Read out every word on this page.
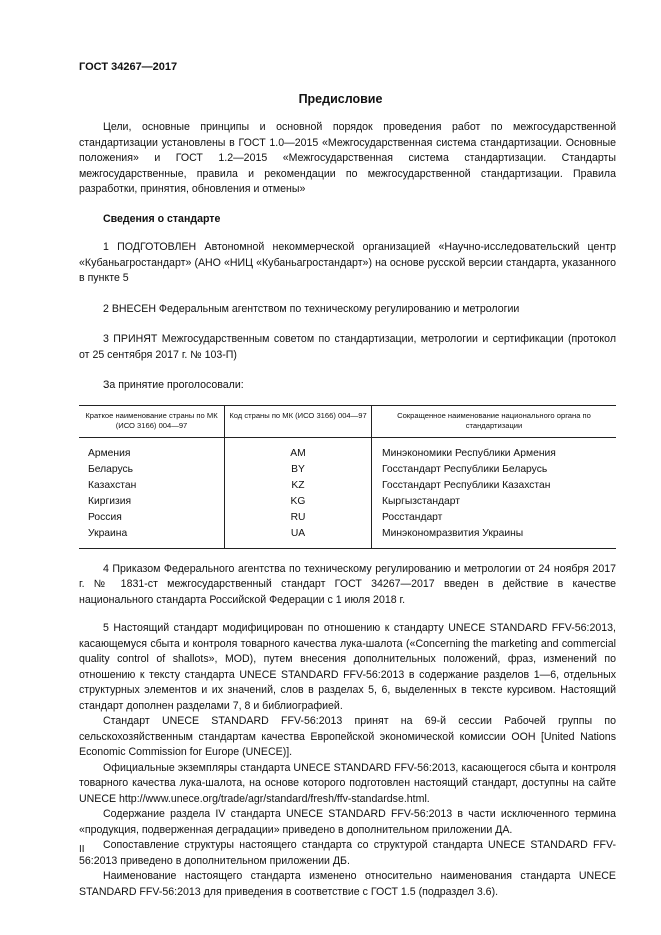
ГОСТ 34267—2017
Предисловие

Цели, основные принципы и основной порядок проведения работ по межгосударственной стандартизации установлены в ГОСТ 1.0—2015 «Межгосударственная система стандартизации. Основные положения» и ГОСТ 1.2—2015 «Межгосударственная система стандартизации. Стандарты межгосударственные, правила и рекомендации по межгосударственной стандартизации. Правила разработки, принятия, обновления и отмены»

Сведения о стандарте

1 ПОДГОТОВЛЕН Автономной некоммерческой организацией «Научно-исследовательский центр «Кубаньагростандарт» (АНО «НИЦ «Кубаньагростандарт») на основе русской версии стандарта, указанного в пункте 5

2 ВНЕСЕН Федеральным агентством по техническому регулированию и метрологии

3 ПРИНЯТ Межгосударственным советом по стандартизации, метрологии и сертификации (протокол от 25 сентября 2017 г. № 103-П)

За принятие проголосовали:

Краткое наименование страны по МК (ИСО 3166) 004—97	Код страны по МК (ИСО 3166) 004—97	Сокращенное наименование национального органа по стандартизации
Армения	AM	Минэкономики Республики Армения
Беларусь	BY	Госстандарт Республики Беларусь
Казахстан	KZ	Госстандарт Республики Казахстан
Киргизия	KG	Кыргызстандарт
Россия	RU	Росстандарт
Украина	UA	Минэкономразвития Украины

4 Приказом Федерального агентства по техническому регулированию и метрологии от 24 ноября 2017 г. № 1831-ст межгосударственный стандарт ГОСТ 34267—2017 введен в действие в качестве национального стандарта Российской Федерации с 1 июля 2018 г.

5 Настоящий стандарт модифицирован по отношению к стандарту UNECE STANDARD FFV-56:2013, касающемуся сбыта и контроля товарного качества лука-шалота («Concerning the marketing and commercial quality control of shallots», MOD), путем внесения дополнительных положений, фраз, изменений по отношению к тексту стандарта UNECE STANDARD FFV-56:2013 в содержание разделов 1—6, отдельных структурных элементов и их значений, слов в разделах 5, 6, выделенных в тексте курсивом. Настоящий стандарт дополнен разделами 7, 8 и библиографией.

Стандарт UNECE STANDARD FFV-56:2013 принят на 69-й сессии Рабочей группы по сельскохозяйственным стандартам качества Европейской экономической комиссии ООН [United Nations Economic Commission for Europe (UNECE)].

Официальные экземпляры стандарта UNECE STANDARD FFV-56:2013, касающегося сбыта и контроля товарного качества лука-шалота, на основе которого подготовлен настоящий стандарт, доступны на сайте UNECE http://www.unece.org/trade/agr/standard/fresh/ffv-standardse.html.

Содержание раздела IV стандарта UNECE STANDARD FFV-56:2013 в части исключенного термина «продукция, подверженная деградации» приведено в дополнительном приложении ДА.

Сопоставление структуры настоящего стандарта со структурой стандарта UNECE STANDARD FFV-56:2013 приведено в дополнительном приложении ДБ.

Наименование настоящего стандарта изменено относительно наименования стандарта UNECE STANDARD FFV-56:2013 для приведения в соответствие с ГОСТ 1.5 (подраздел 3.6).

II
